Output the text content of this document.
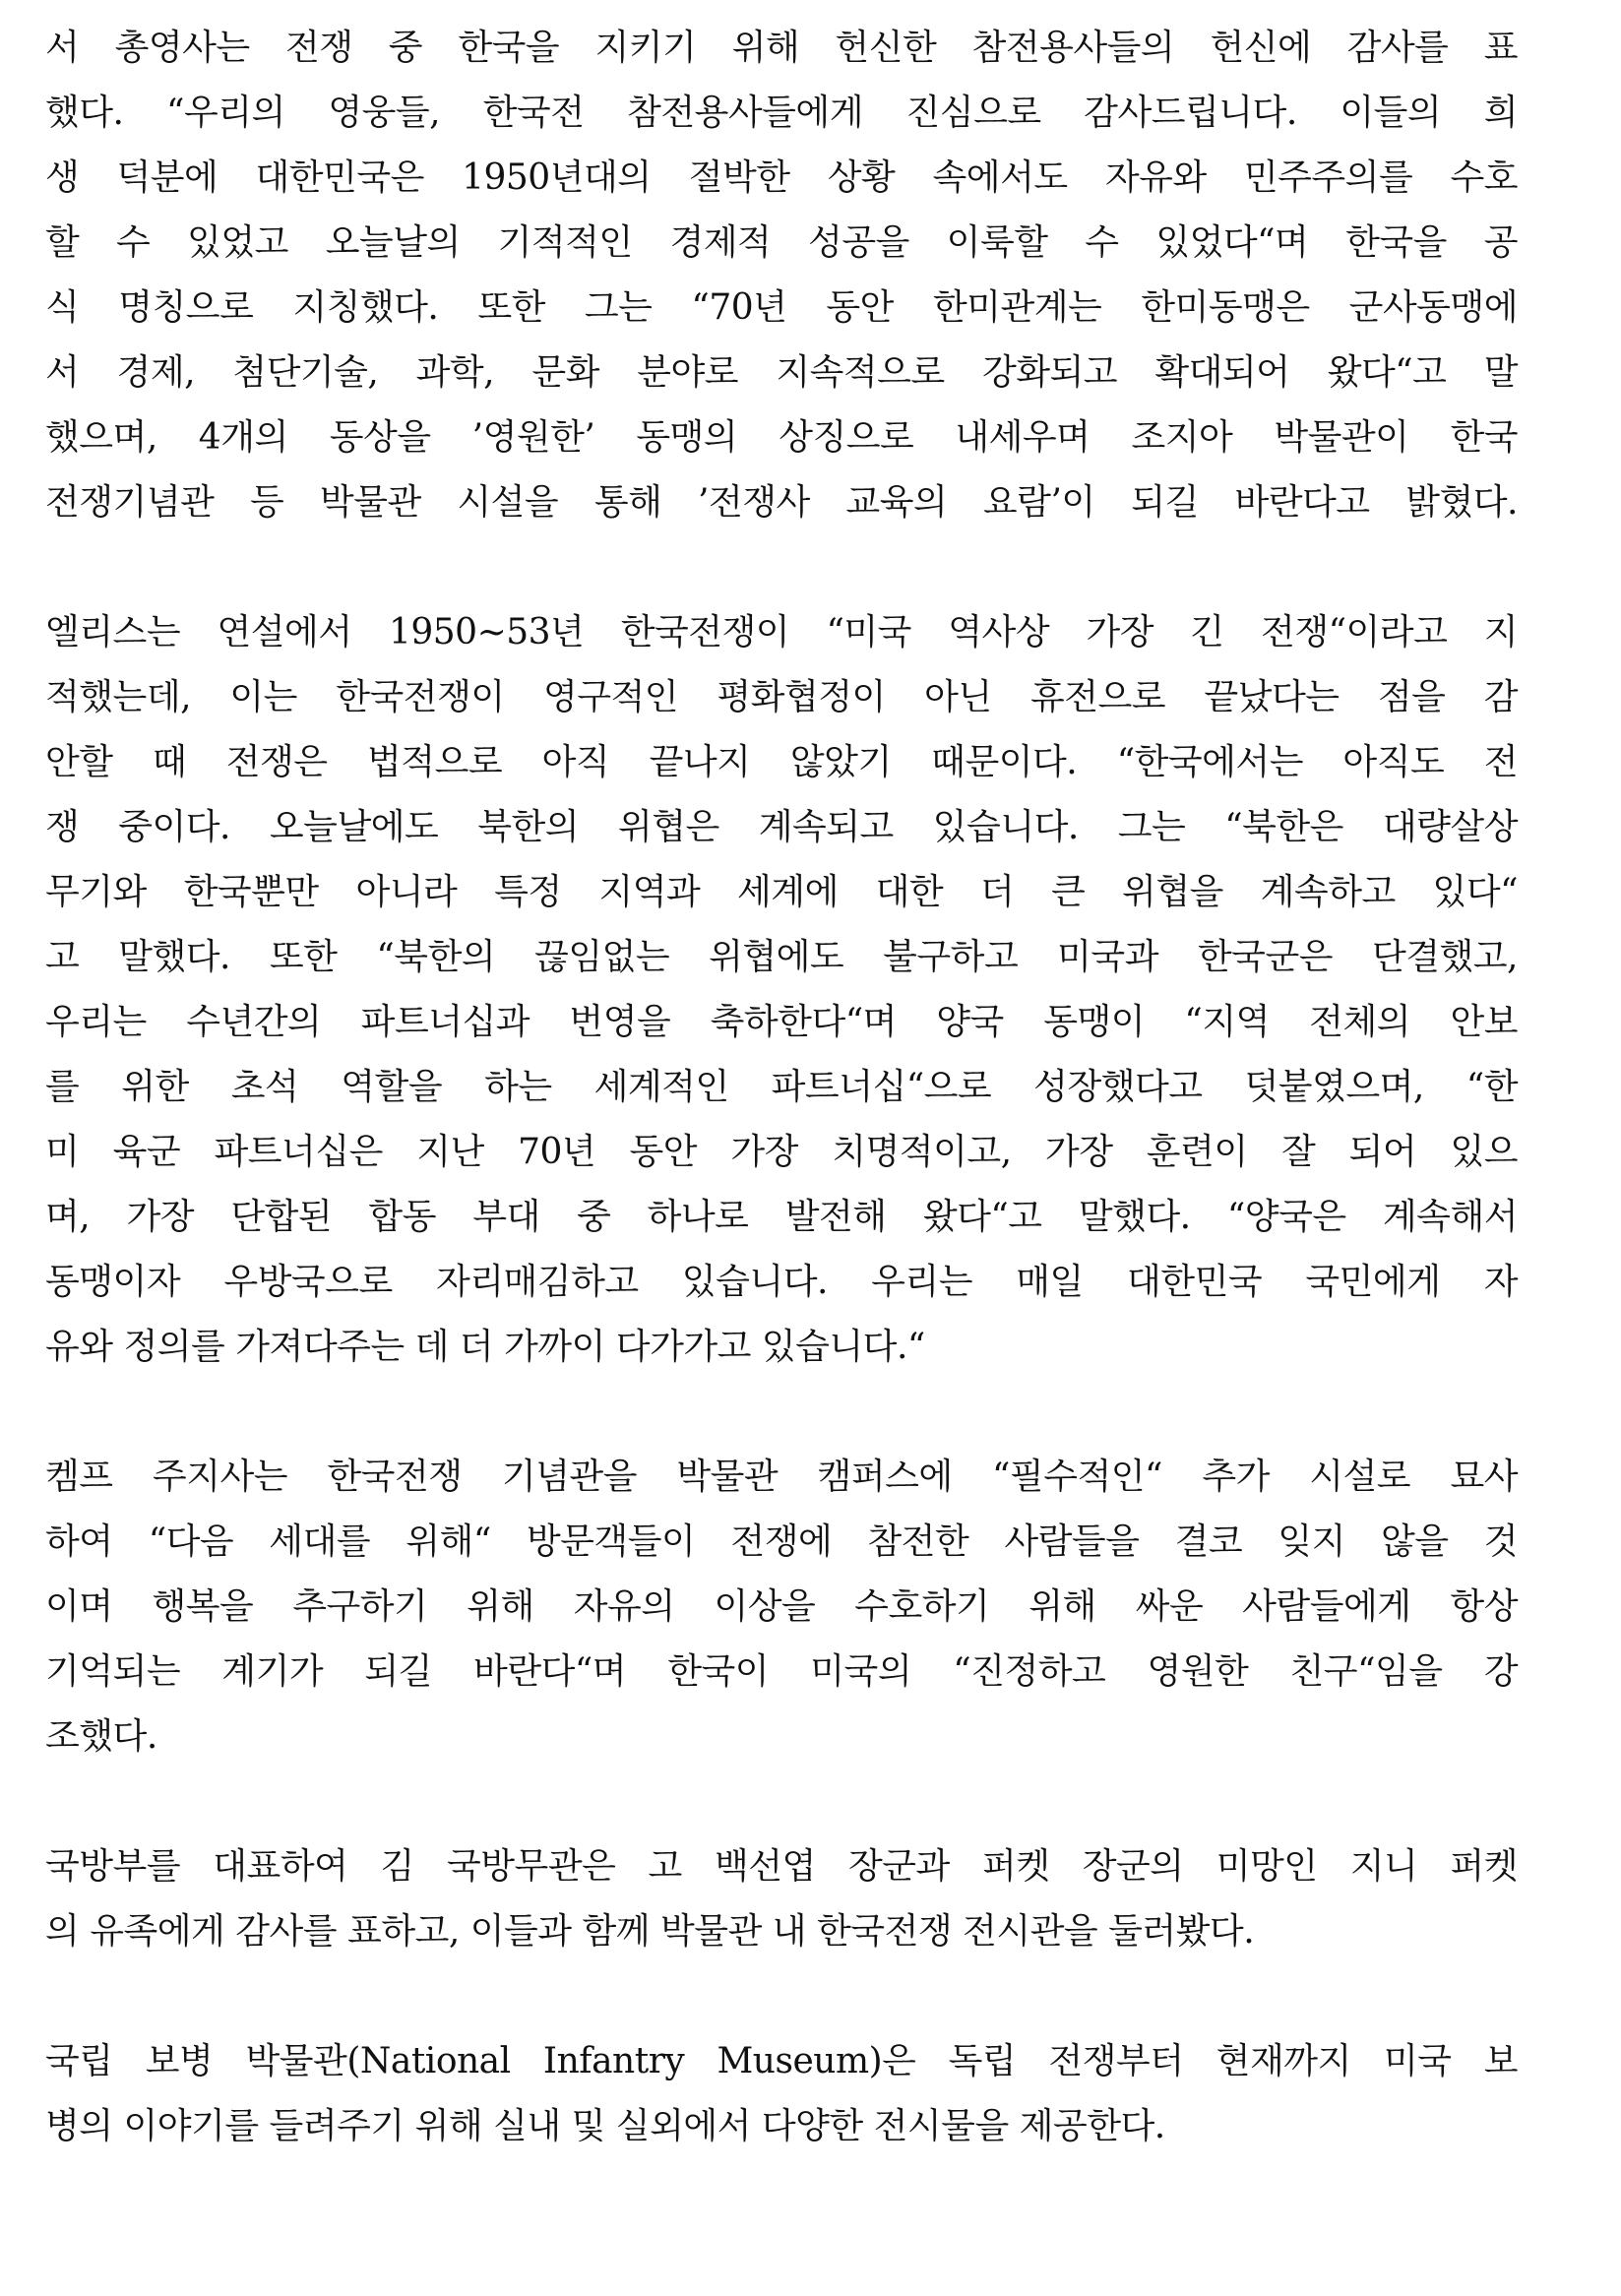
서 총영사는 전쟁 중 한국을 지키기 위해 헌신한 참전용사들의 헌신에 감사를 표
했다. “우리의 영웅들, 한국전 참전용사들에게 진심으로 감사드립니다. 이들의 희
생 덕분에 대한민국은 1950년대의 절박한 상황 속에서도 자유와 민주주의를 수호
할 수 있었고 오늘날의 기적적인 경제적 성공을 이룩할 수 있었다“며 한국을 공
식 명칭으로 지칭했다. 또한 그는 “70년 동안 한미관계는 한미동맹은 군사동맹에
서 경제, 첨단기술, 과학, 문화 분야로 지속적으로 강화되고 확대되어 왔다“고 말
했으며, 4개의 동상을 ’영원한’ 동맹의 상징으로 내세우며 조지아 박물관이 한국
전쟁기념관 등 박물관 시설을 통해 ’전쟁사 교육의 요람’이 되길 바란다고 밝혔다.
엘리스는 연설에서 1950~53년 한국전쟁이 “미국 역사상 가장 긴 전쟁“이라고 지
적했는데, 이는 한국전쟁이 영구적인 평화협정이 아닌 휴전으로 끝났다는 점을 감
안할 때 전쟁은 법적으로 아직 끝나지 않았기 때문이다. “한국에서는 아직도 전
쟁 중이다. 오늘날에도 북한의 위협은 계속되고 있습니다. 그는 “북한은 대량살상
무기와 한국뿐만 아니라 특정 지역과 세계에 대한 더 큰 위협을 계속하고 있다“
고 말했다. 또한 “북한의 끊임없는 위협에도 불구하고 미국과 한국군은 단결했고,
우리는 수년간의 파트너십과 번영을 축하한다“며 양국 동맹이 “지역 전체의 안보
를 위한 초석 역할을 하는 세계적인 파트너십“으로 성장했다고 덧붙였으며, “한
미 육군 파트너십은 지난 70년 동안 가장 치명적이고, 가장 훈련이 잘 되어 있으
며, 가장 단합된 합동 부대 중 하나로 발전해 왔다“고 말했다. “양국은 계속해서
동맹이자 우방국으로 자리매김하고 있습니다. 우리는 매일 대한민국 국민에게 자
유와 정의를 가져다주는 데 더 가까이 다가가고 있습니다.“
켐프 주지사는 한국전쟁 기념관을 박물관 캠퍼스에 “필수적인“ 추가 시설로 묘사
하여 “다음 세대를 위해“ 방문객들이 전쟁에 참전한 사람들을 결코 잊지 않을 것
이며 행복을 추구하기 위해 자유의 이상을 수호하기 위해 싸운 사람들에게 항상
기억되는 계기가 되길 바란다“며 한국이 미국의 “진정하고 영원한 친구“임을 강
조했다.
국방부를 대표하여 김 국방무관은 고 백선엽 장군과 퍼켓 장군의 미망인 지니 퍼켓
의 유족에게 감사를 표하고, 이들과 함께 박물관 내 한국전쟁 전시관을 둘러봤다.
국립 보병 박물관(National Infantry Museum)은 독립 전쟁부터 현재까지 미국 보
병의 이야기를 들려주기 위해 실내 및 실외에서 다양한 전시물을 제공한다.
